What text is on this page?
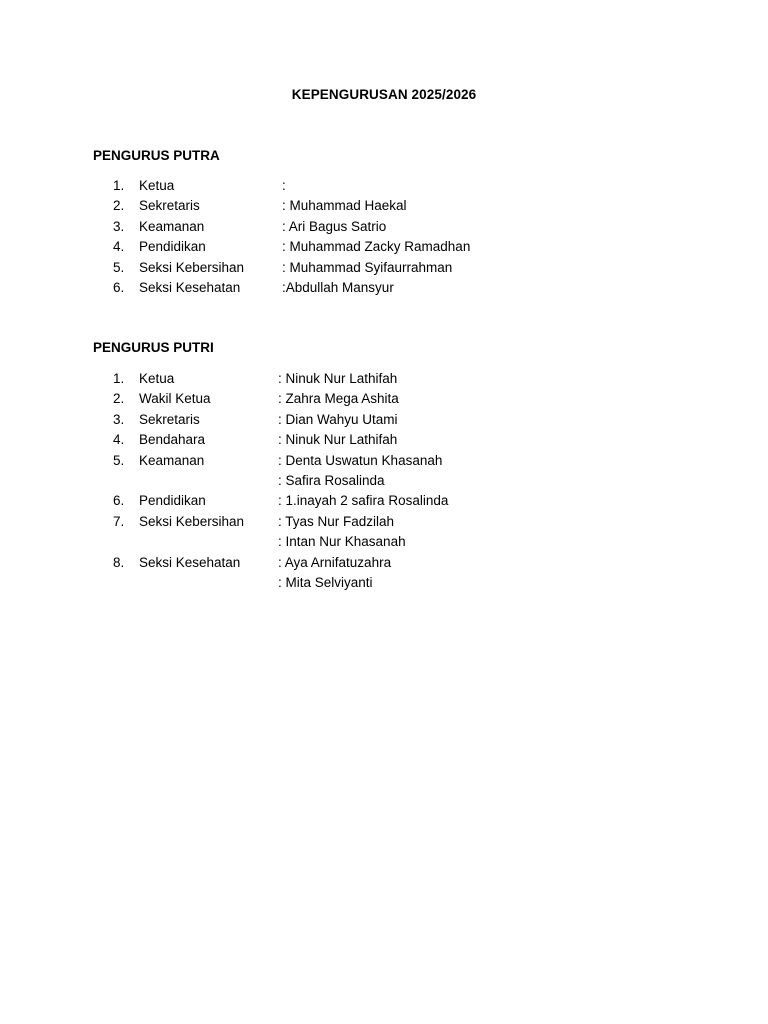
KEPENGURUSAN 2025/2026
PENGURUS PUTRA
1.	Ketua	:
2.	Sekretaris	: Muhammad Haekal
3.	Keamanan	: Ari Bagus Satrio
4.	Pendidikan	: Muhammad Zacky Ramadhan
5.	Seksi Kebersihan	: Muhammad Syifaurrahman
6.	Seksi Kesehatan	:Abdullah Mansyur
PENGURUS PUTRI
1.	Ketua	: Ninuk Nur Lathifah
2.	Wakil Ketua	: Zahra Mega Ashita
3.	Sekretaris	: Dian Wahyu Utami
4.	Bendahara	: Ninuk Nur Lathifah
5.	Keamanan	: Denta Uswatun Khasanah
: Safira Rosalinda
6.	Pendidikan	: 1.inayah 2 safira Rosalinda
7.	Seksi Kebersihan	: Tyas Nur Fadzilah
: Intan Nur Khasanah
8.	Seksi Kesehatan	: Aya Arnifatuzahra
: Mita Selviyanti
